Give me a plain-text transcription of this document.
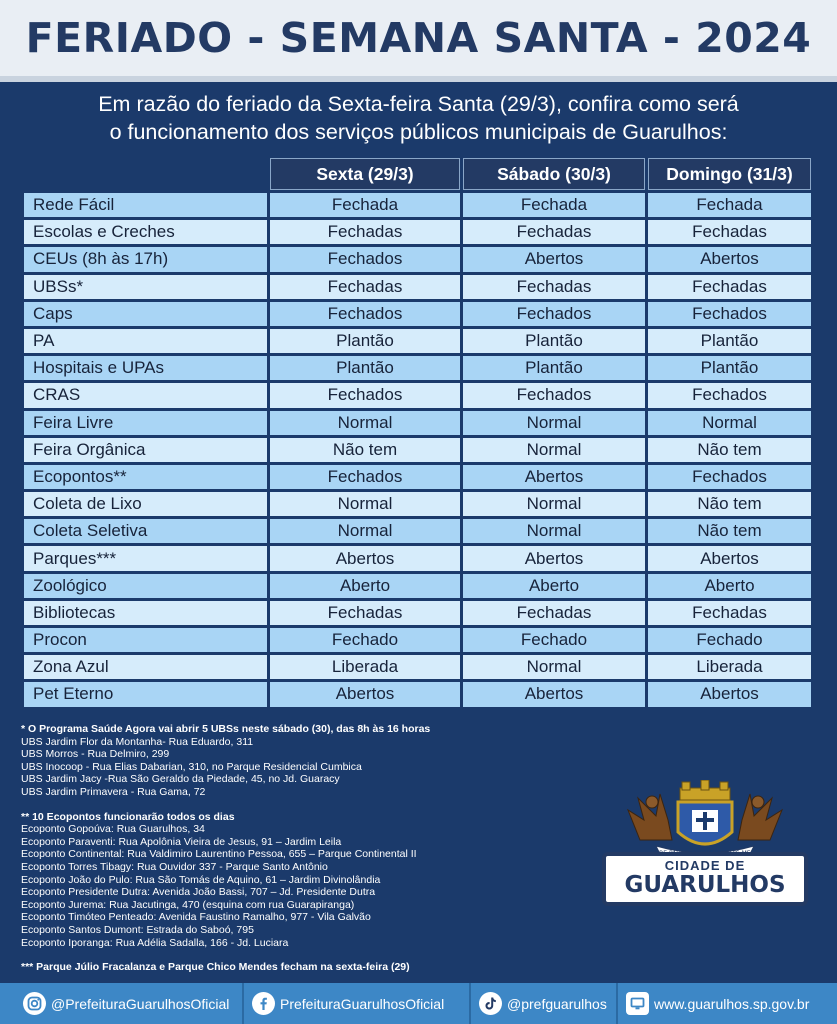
FERIADO - SEMANA SANTA - 2024
Em razão do feriado da Sexta-feira Santa (29/3), confira como será
o funcionamento dos serviços públicos municipais de Guarulhos:
	Sexta (29/3)	Sábado (30/3)	Domingo (31/3)
Rede Fácil	Fechada	Fechada	Fechada
Escolas e Creches	Fechadas	Fechadas	Fechadas
CEUs (8h às 17h)	Fechados	Abertos	Abertos
UBSs*	Fechadas	Fechadas	Fechadas
Caps	Fechados	Fechados	Fechados
PA	Plantão	Plantão	Plantão
Hospitais e UPAs	Plantão	Plantão	Plantão
CRAS	Fechados	Fechados	Fechados
Feira Livre	Normal	Normal	Normal
Feira Orgânica	Não tem	Normal	Não tem
Ecopontos**	Fechados	Abertos	Fechados
Coleta de Lixo	Normal	Normal	Não tem
Coleta Seletiva	Normal	Normal	Não tem
Parques***	Abertos	Abertos	Abertos
Zoológico	Aberto	Aberto	Aberto
Bibliotecas	Fechadas	Fechadas	Fechadas
Procon	Fechado	Fechado	Fechado
Zona Azul	Liberada	Normal	Liberada
Pet Eterno	Abertos	Abertos	Abertos
* O Programa Saúde Agora vai abrir 5 UBSs neste sábado (30), das 8h às 16 horas
UBS Jardim Flor da Montanha- Rua Eduardo, 311
UBS Morros - Rua Delmiro, 299
UBS Inocoop - Rua Elias Dabarian, 310, no Parque Residencial Cumbica
UBS Jardim Jacy -Rua São Geraldo da Piedade, 45, no Jd. Guaracy
UBS Jardim Primavera - Rua Gama, 72
** 10 Ecopontos funcionarão todos os dias
Ecoponto Gopoúva: Rua Guarulhos, 34
Ecoponto Paraventi: Rua Apolônia Vieira de Jesus, 91 – Jardim Leila
Ecoponto Continental: Rua Valdimiro Laurentino Pessoa, 655 – Parque Continental II
Ecoponto Torres Tibagy: Rua Ouvidor 337 - Parque Santo Antônio
Ecoponto João do Pulo: Rua São Tomás de Aquino, 61 – Jardim Divinolândia
Ecoponto Presidente Dutra: Avenida João Bassi, 707 – Jd. Presidente Dutra
Ecoponto Jurema: Rua Jacutinga, 470 (esquina com rua Guarapiranga)
Ecoponto Timóteo Penteado: Avenida Faustino Ramalho, 977 - Vila Galvão
Ecoponto Santos Dumont: Estrada do Saboó, 795
Ecoponto Iporanga: Rua Adélia Sadalla, 166 - Jd. Luciara
*** Parque Júlio Fracalanza e Parque Chico Mendes fecham na sexta-feira (29)
CIDADE DE
GUARULHOS
@PrefeituraGuarulhosOficial	PrefeituraGuarulhosOficial	@prefguarulhos	www.guarulhos.sp.gov.br
